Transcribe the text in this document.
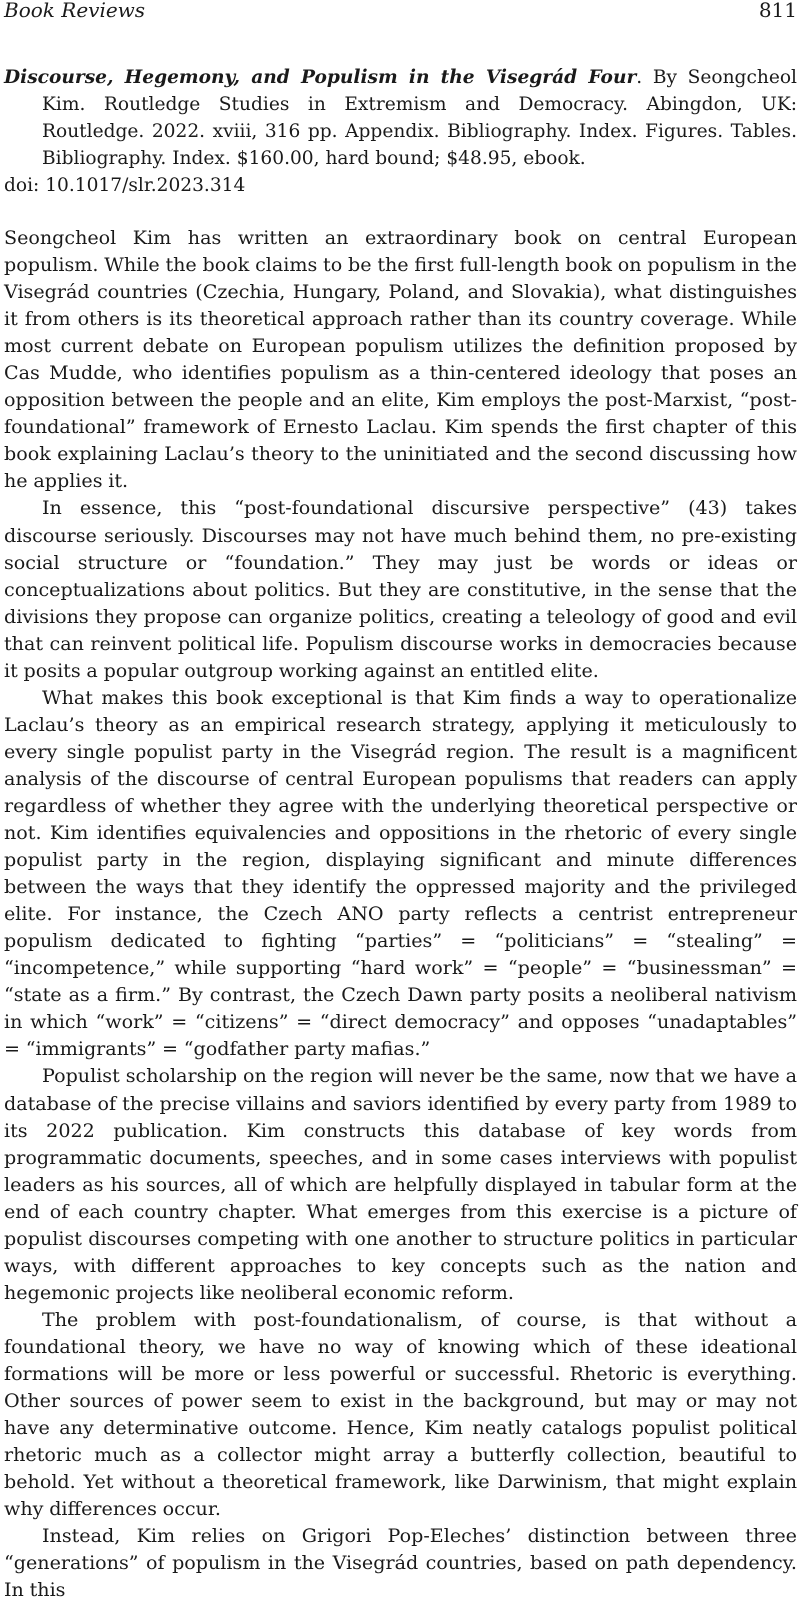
Book Reviews	811
Discourse, Hegemony, and Populism in the Visegrád Four. By Seongcheol Kim. Routledge Studies in Extremism and Democracy. Abingdon, UK: Routledge. 2022. xviii, 316 pp. Appendix. Bibliography. Index. Figures. Tables. Bibliography. Index. $160.00, hard bound; $48.95, ebook.
doi: 10.1017/slr.2023.314

Seongcheol Kim has written an extraordinary book on central European populism. While the book claims to be the first full-length book on populism in the Visegrád countries (Czechia, Hungary, Poland, and Slovakia), what distinguishes it from others is its theoretical approach rather than its country coverage. While most current debate on European populism utilizes the definition proposed by Cas Mudde, who identifies populism as a thin-centered ideology that poses an opposition between the people and an elite, Kim employs the post-Marxist, “post-foundational” framework of Ernesto Laclau. Kim spends the first chapter of this book explaining Laclau’s theory to the uninitiated and the second discussing how he applies it.

In essence, this “post-foundational discursive perspective” (43) takes discourse seriously. Discourses may not have much behind them, no pre-existing social structure or “foundation.” They may just be words or ideas or conceptualizations about politics. But they are constitutive, in the sense that the divisions they propose can organize politics, creating a teleology of good and evil that can reinvent political life. Populism discourse works in democracies because it posits a popular outgroup working against an entitled elite.

What makes this book exceptional is that Kim finds a way to operationalize Laclau’s theory as an empirical research strategy, applying it meticulously to every single populist party in the Visegrád region. The result is a magnificent analysis of the discourse of central European populisms that readers can apply regardless of whether they agree with the underlying theoretical perspective or not. Kim identifies equivalencies and oppositions in the rhetoric of every single populist party in the region, displaying significant and minute differences between the ways that they identify the oppressed majority and the privileged elite. For instance, the Czech ANO party reflects a centrist entrepreneur populism dedicated to fighting “parties” = “politicians” = “stealing” = “incompetence,” while supporting “hard work” = “people” = “businessman” = “state as a firm.” By contrast, the Czech Dawn party posits a neoliberal nativism in which “work” = “citizens” = “direct democracy” and opposes “unadaptables” = “immigrants” = “godfather party mafias.”

Populist scholarship on the region will never be the same, now that we have a database of the precise villains and saviors identified by every party from 1989 to its 2022 publication. Kim constructs this database of key words from programmatic documents, speeches, and in some cases interviews with populist leaders as his sources, all of which are helpfully displayed in tabular form at the end of each country chapter. What emerges from this exercise is a picture of populist discourses competing with one another to structure politics in particular ways, with different approaches to key concepts such as the nation and hegemonic projects like neoliberal economic reform.

The problem with post-foundationalism, of course, is that without a foundational theory, we have no way of knowing which of these ideational formations will be more or less powerful or successful. Rhetoric is everything. Other sources of power seem to exist in the background, but may or may not have any determinative outcome. Hence, Kim neatly catalogs populist political rhetoric much as a collector might array a butterfly collection, beautiful to behold. Yet without a theoretical framework, like Darwinism, that might explain why differences occur.

Instead, Kim relies on Grigori Pop-Eleches’ distinction between three “generations” of populism in the Visegrád countries, based on path dependency. In this
